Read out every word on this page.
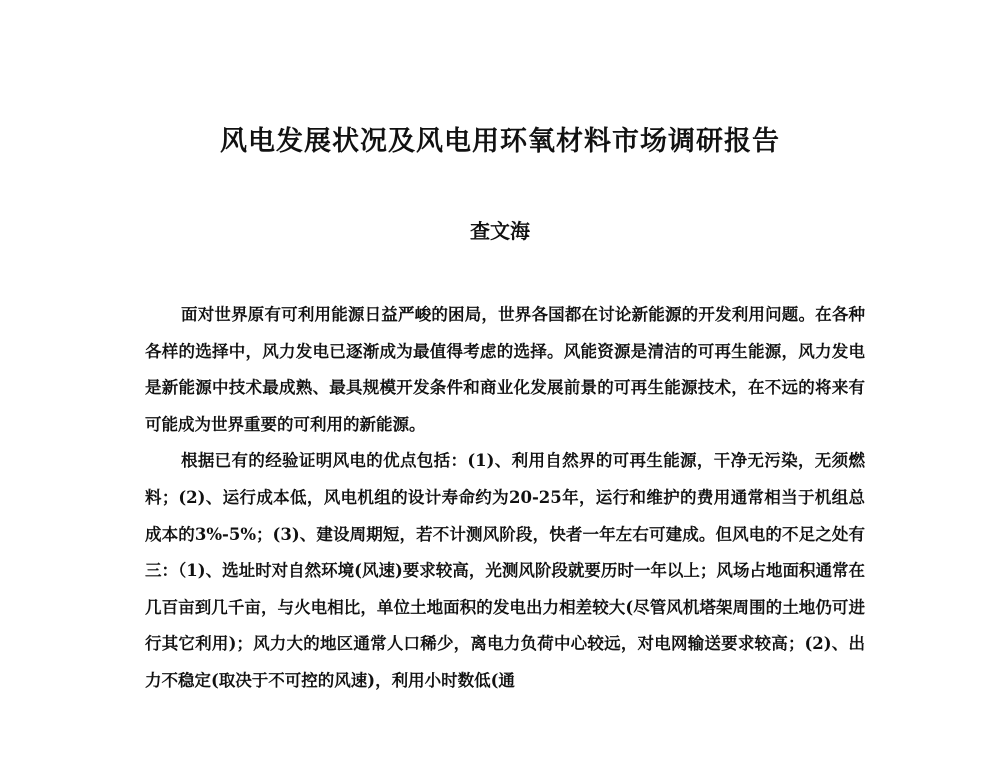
风电发展状况及风电用环氧材料市场调研报告
查文海

面对世界原有可利用能源日益严峻的困局，世界各国都在讨论新能源的开发利用问题。在各种各样的选择中，风力发电已逐渐成为最值得考虑的选择。风能资源是清洁的可再生能源，风力发电是新能源中技术最成熟、最具规模开发条件和商业化发展前景的可再生能源技术，在不远的将来有可能成为世界重要的可利用的新能源。

根据已有的经验证明风电的优点包括：(1)、利用自然界的可再生能源，干净无污染，无须燃料；(2)、运行成本低，风电机组的设计寿命约为20-25年，运行和维护的费用通常相当于机组总成本的3%-5%；(3)、建设周期短，若不计测风阶段，快者一年左右可建成。但风电的不足之处有三：（1)、选址时对自然环境(风速)要求较高，光测风阶段就要历时一年以上；风场占地面积通常在几百亩到几千亩，与火电相比，单位土地面积的发电出力相差较大(尽管风机塔架周围的土地仍可进行其它利用)；风力大的地区通常人口稀少，离电力负荷中心较远，对电网输送要求较高；(2)、出力不稳定(取决于不可控的风速)，利用小时数低(通
